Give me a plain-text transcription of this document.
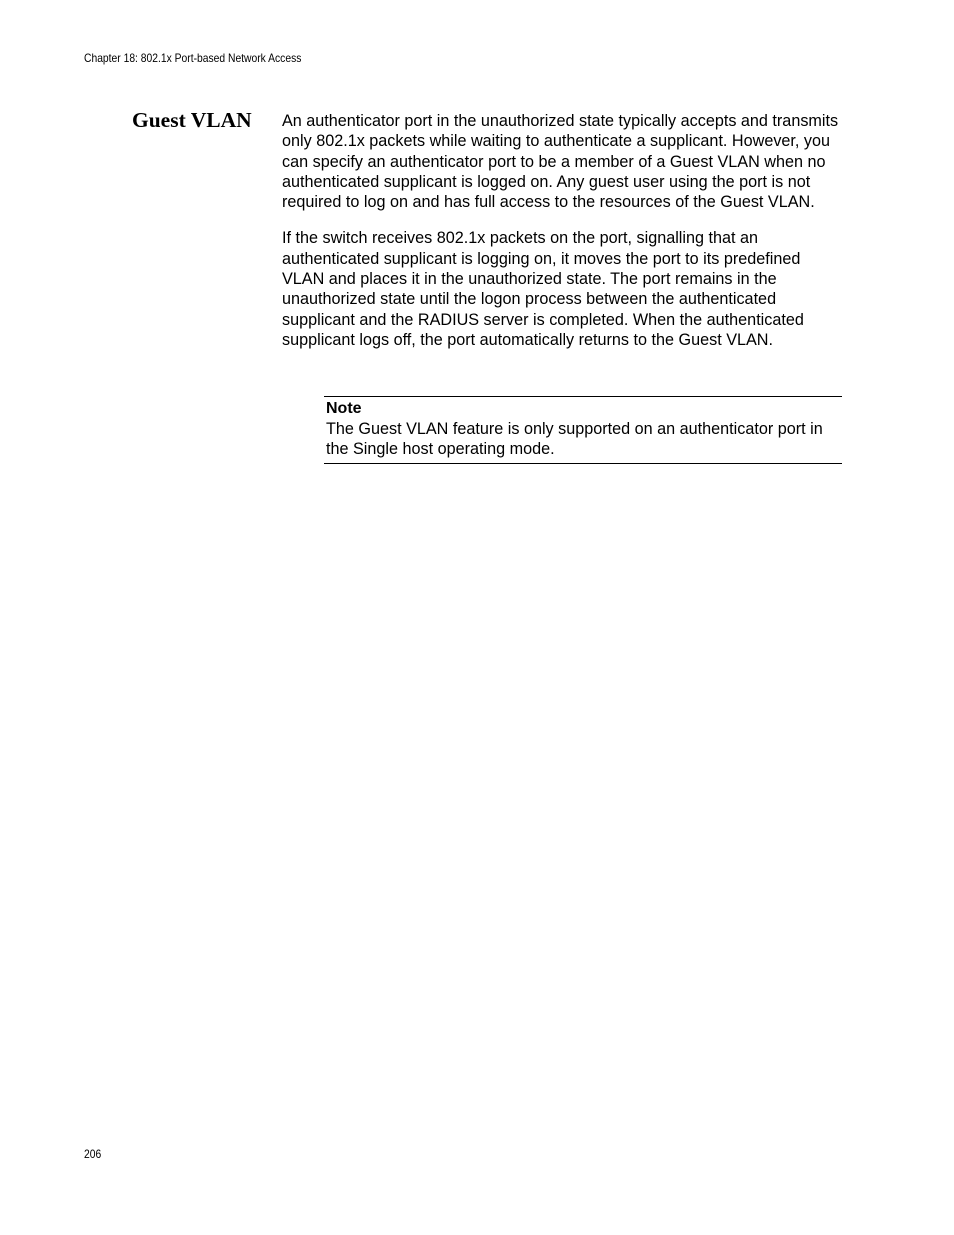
Chapter 18: 802.1x Port-based Network Access
Guest VLAN An authenticator port in the unauthorized state typically accepts and transmits only 802.1x packets while waiting to authenticate a supplicant. However, you can specify an authenticator port to be a member of a Guest VLAN when no authenticated supplicant is logged on. Any guest user using the port is not required to log on and has full access to the resources of the Guest VLAN.

If the switch receives 802.1x packets on the port, signalling that an authenticated supplicant is logging on, it moves the port to its predefined VLAN and places it in the unauthorized state. The port remains in the unauthorized state until the logon process between the authenticated supplicant and the RADIUS server is completed. When the authenticated supplicant logs off, the port automatically returns to the Guest VLAN.

Note
The Guest VLAN feature is only supported on an authenticator port in the Single host operating mode.
206
